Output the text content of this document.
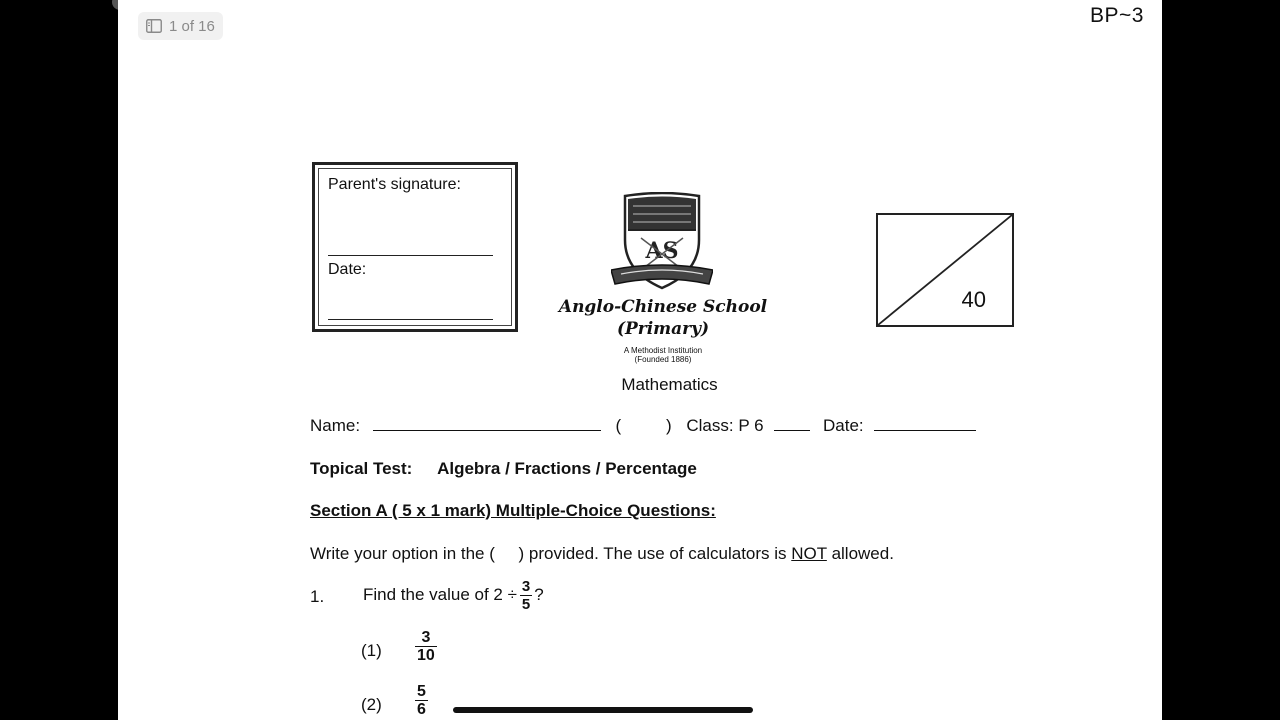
1 of 16	BP~3
Parent's signature:
Date:
AS
Anglo-Chinese School
(Primary)
A Methodist Institution
(Founded 1886)
Mathematics
40
Name:	(	) Class: P 6	Date:
Topical Test: Algebra / Fractions / Percentage
Section A ( 5 x 1 mark) Multiple-Choice Questions:
Write your option in the (     ) provided. The use of calculators is NOT allowed.
1. Find the value of $2 \div \frac{3}{5}$ ?
$(1) \frac{3}{10}$
$(2) \frac{5}{6}$
